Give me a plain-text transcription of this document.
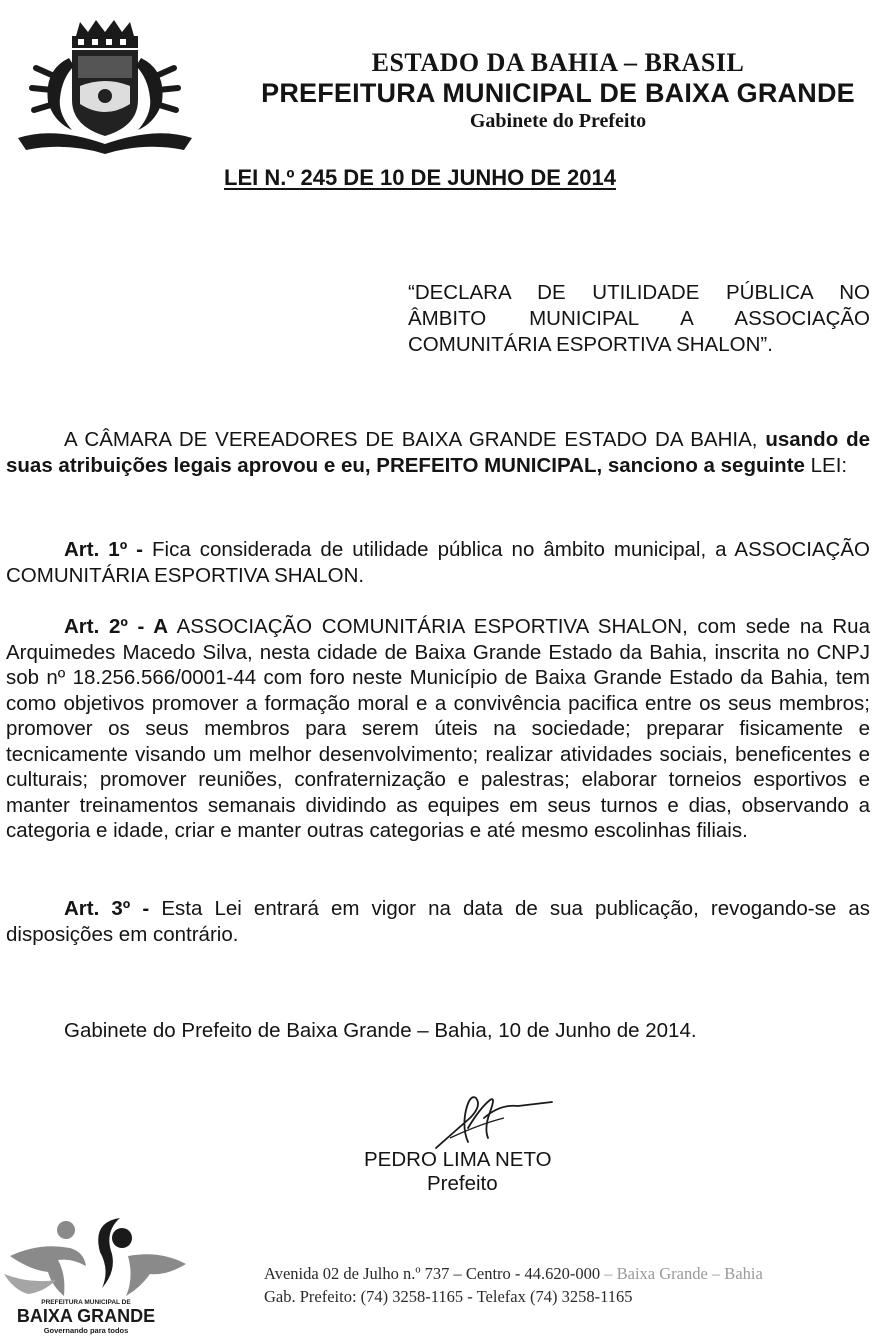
ESTADO DA BAHIA – BRASIL
PREFEITURA MUNICIPAL DE BAIXA GRANDE
Gabinete do Prefeito
LEI N.º 245 DE 10 DE JUNHO DE 2014
“DECLARA DE UTILIDADE PÚBLICA NO ÂMBITO MUNICIPAL A ASSOCIAÇÃO COMUNITÁRIA ESPORTIVA SHALON”.
A CÂMARA DE VEREADORES DE BAIXA GRANDE ESTADO DA BAHIA, usando de suas atribuições legais aprovou e eu, PREFEITO MUNICIPAL, sanciono a seguinte LEI:
Art. 1º - Fica considerada de utilidade pública no âmbito municipal, a ASSOCIAÇÃO COMUNITÁRIA ESPORTIVA SHALON.
Art. 2º - A ASSOCIAÇÃO COMUNITÁRIA ESPORTIVA SHALON, com sede na Rua Arquimedes Macedo Silva, nesta cidade de Baixa Grande Estado da Bahia, inscrita no CNPJ sob nº 18.256.566/0001-44 com foro neste Município de Baixa Grande Estado da Bahia, tem como objetivos promover a formação moral e a convivência pacifica entre os seus membros; promover os seus membros para serem úteis na sociedade; preparar fisicamente e tecnicamente visando um melhor desenvolvimento; realizar atividades sociais, beneficentes e culturais; promover reuniões, confraternização e palestras; elaborar torneios esportivos e manter treinamentos semanais dividindo as equipes em seus turnos e dias, observando a categoria e idade, criar e manter outras categorias e até mesmo escolinhas filiais.
Art. 3º - Esta Lei entrará em vigor na data de sua publicação, revogando-se as disposições em contrário.
Gabinete do Prefeito de Baixa Grande – Bahia, 10 de Junho de 2014.
PEDRO LIMA NETO
Prefeito
PREFEITURA MUNICIPAL DE
BAIXA GRANDE
Governando para todos
Avenida 02 de Julho n.º 737 – Centro - 44.620-000 – Baixa Grande – Bahia
Gab. Prefeito: (74) 3258-1165 - Telefax (74) 3258-1165
